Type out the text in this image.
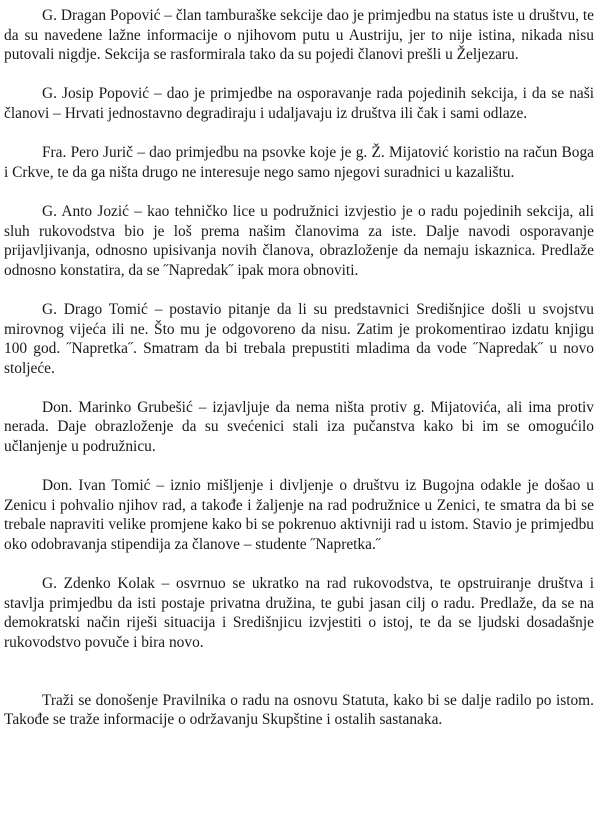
G. Dragan Popović – član tamburaške sekcije dao je primjedbu na status iste u društvu, te da su navedene lažne informacije o njihovom putu u Austriju, jer to nije istina, nikada nisu putovali nigdje. Sekcija se rasformirala tako da su pojedi članovi prešli u Željezaru.

G. Josip Popović – dao je primjedbe na osporavanje rada pojedinih sekcija, i da se naši članovi – Hrvati jednostavno degradiraju i udaljavaju iz društva ili čak i sami odlaze.

Fra. Pero Jurič – dao primjedbu na psovke koje je g. Ž. Mijatović koristio na račun Boga i Crkve, te da ga ništa drugo ne interesuje nego samo njegovi suradnici u kazalištu.

G. Anto Jozić – kao tehničko lice u podružnici izvjestio je o radu pojedinih sekcija, ali sluh rukovodstva bio je loš prema našim članovima za iste. Dalje navodi osporavanje prijavljivanja, odnosno upisivanja novih članova, obrazloženje da nemaju iskaznica. Predlaže odnosno konstatira, da se ˝Napredak˝ ipak mora obnoviti.

G. Drago Tomić – postavio pitanje da li su predstavnici Središnjice došli u svojstvu mirovnog vijeća ili ne. Što mu je odgovoreno da nisu. Zatim je prokomentirao izdatu knjigu 100 god. ˝Napretka˝. Smatram da bi trebala prepustiti mladima da vode ˝Napredak˝ u novo stoljeće.

Don. Marinko Grubešić – izjavljuje da nema ništa protiv g. Mijatovića, ali ima protiv nerada. Daje obrazloženje da su svećenici stali iza pučanstva kako bi im se omogućilo učlanjenje u podružnicu.

Don. Ivan Tomić – iznio mišljenje i divljenje o društvu iz Bugojna odakle je došao u Zenicu i pohvalio njihov rad, a takođe i žaljenje na rad podružnice u Zenici, te smatra da bi se trebale napraviti velike promjene kako bi se pokrenuo aktivniji rad u istom. Stavio je primjedbu oko odobravanja stipendija za članove – studente ˝Napretka.˝

G. Zdenko Kolak – osvrnuo se ukratko na rad rukovodstva, te opstruiranje društva i stavlja primjedbu da isti postaje privatna družina, te gubi jasan cilj o radu. Predlaže, da se na demokratski način riješi situacija i Središnjicu izvjestiti o istoj, te da se ljudski dosadašnje rukovodstvo povuče i bira novo.

Traži se donošenje Pravilnika o radu na osnovu Statuta, kako bi se dalje radilo po istom. Takođe se traže informacije o održavanju Skupštine i ostalih sastanaka.
